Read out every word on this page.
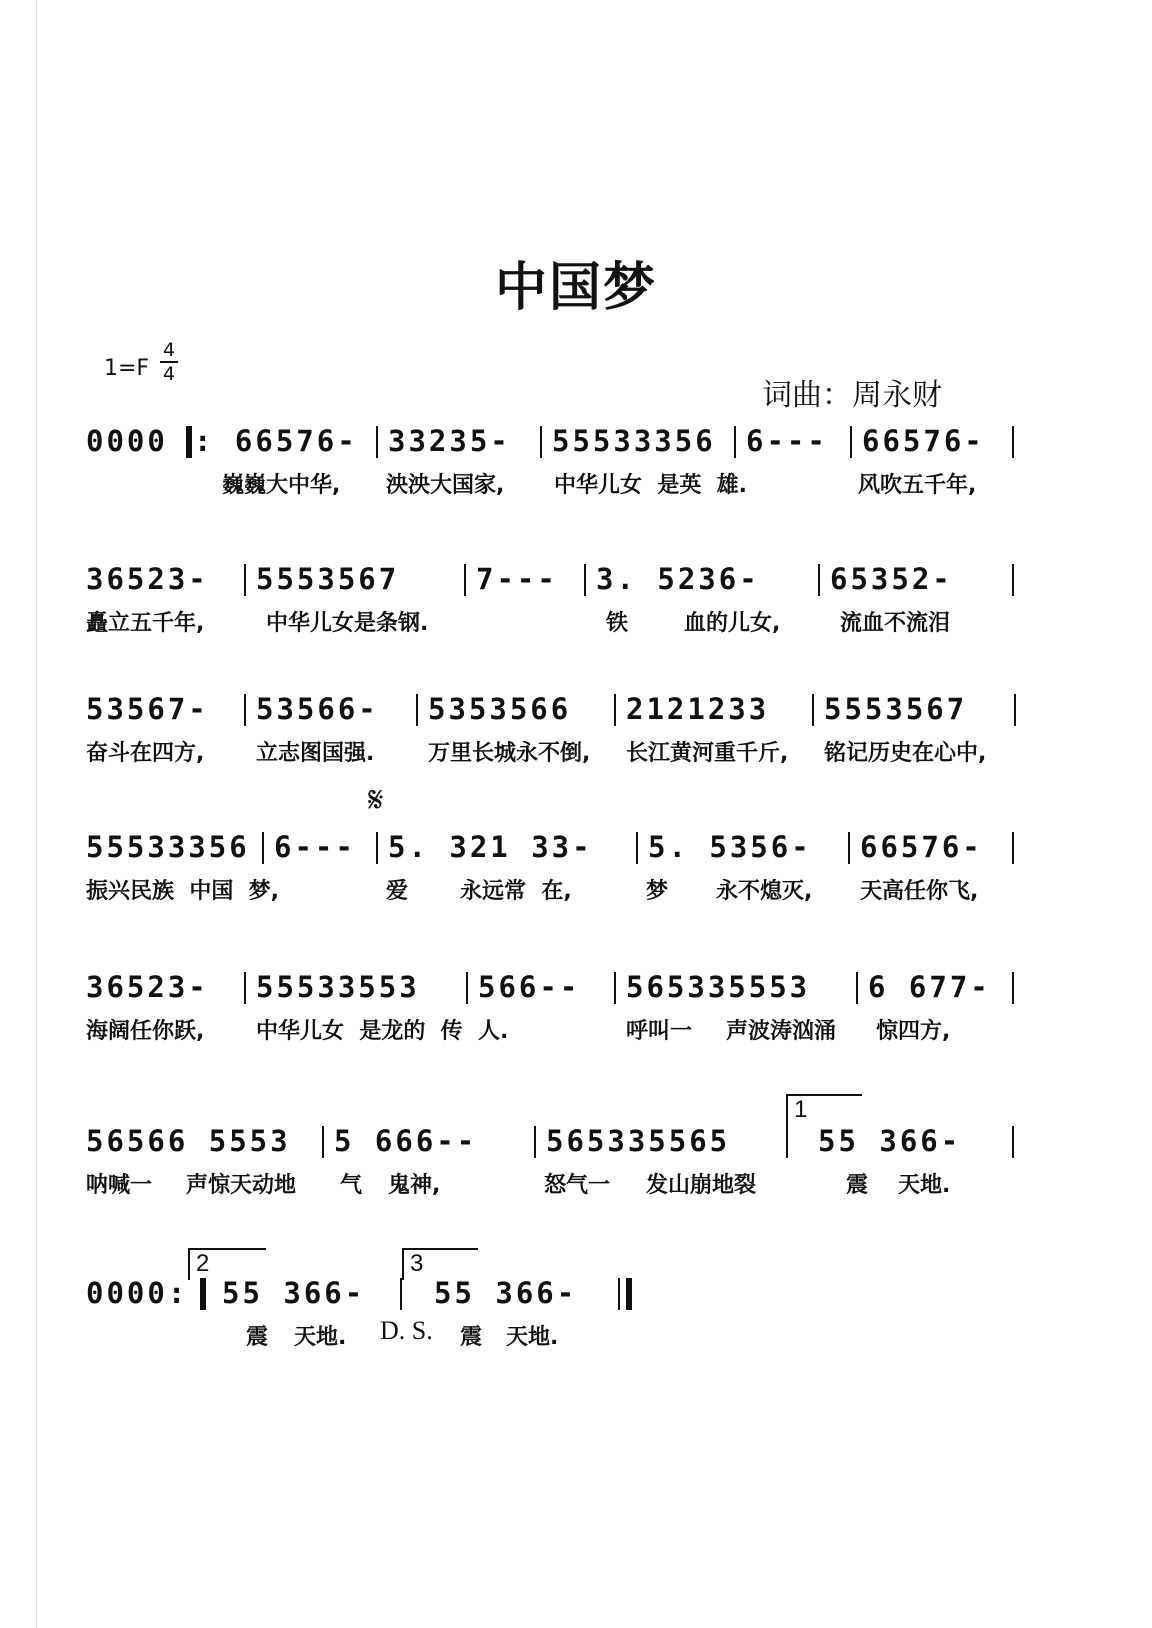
中国梦
1=F
4
4
词曲：周永财
0000 : 66576- 33235- 55533356 6--- 66576-
巍巍大中华, 泱泱大国家, 中华儿女  是英  雄.	风吹五千年,
36523- 5553567	7--- 3. 5236- 65352-
矗立五千年,	中华儿女是条钢.	铁	血的儿女,	流血不流泪
53567- 53566- 5353566 2121233 5553567
奋斗在四方, 立志图国强. 万里长城永不倒, 长江黄河重千斤, 铭记历史在心中,
𝄋
55533356 6--- 5. 321 33- 5. 5356- 66576-
振兴民族  中国  梦,	爱 永远常  在,	梦 永不熄灭, 天高任你飞,
36523- 55533553 566-- 565335553 6 677-
海阔任你跃, 中华儿女  是龙的  传  人.	呼叫一 声波涛汹涌 惊四方,
1
56566 5553 5 666-- 565335565	55 366-
呐喊一 声惊天动地 气 鬼神,	怒气一 发山崩地裂	震 天地.
2	3
0000: 55 366- 55 366-
震 天地. D. S. 震 天地.
